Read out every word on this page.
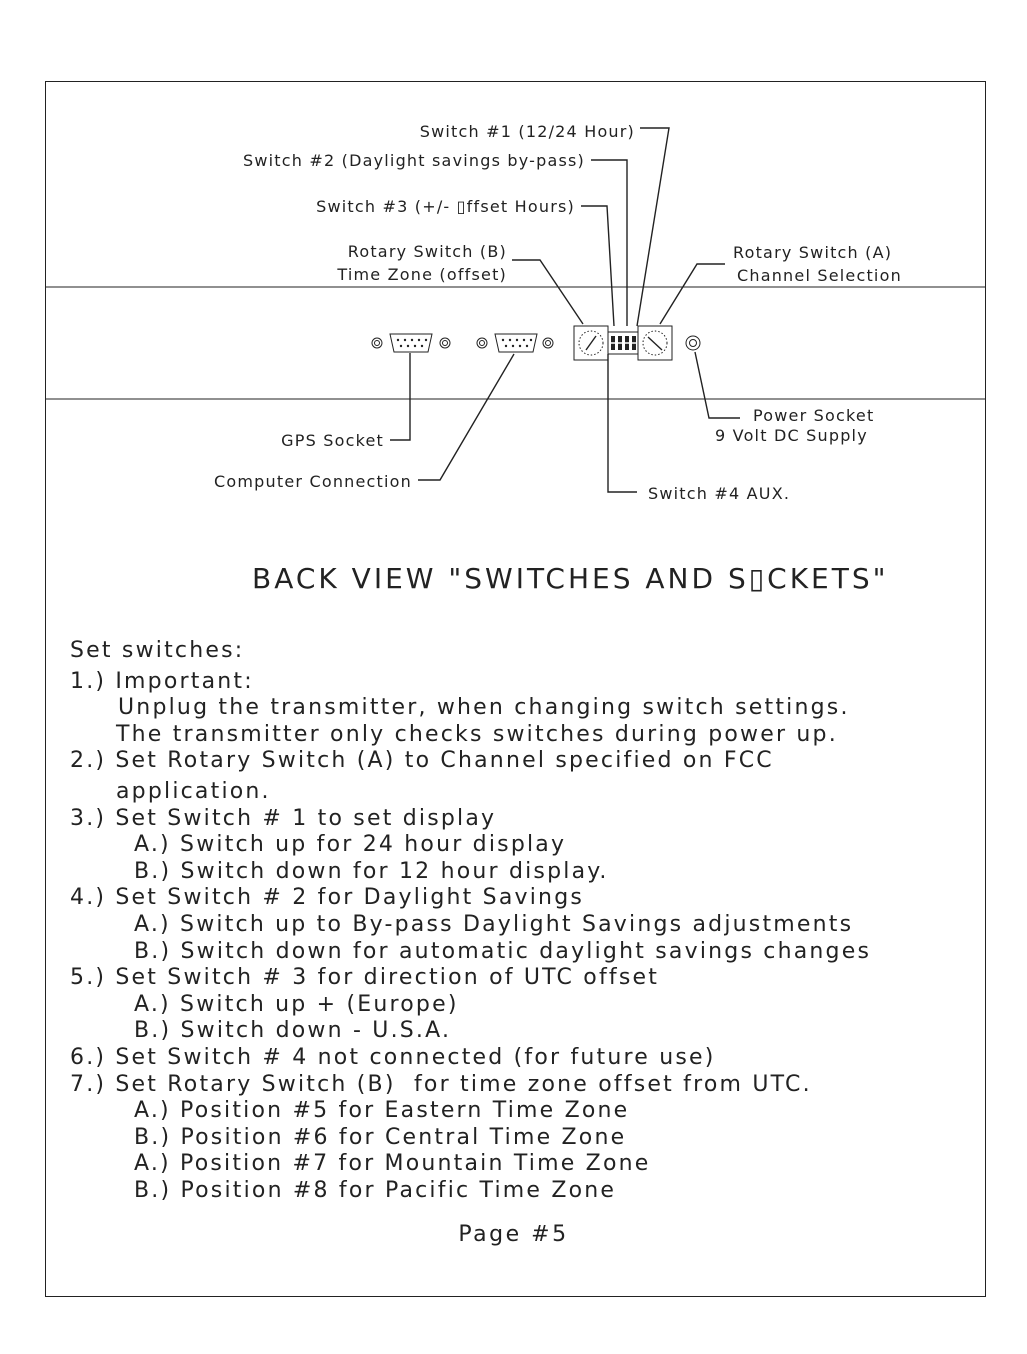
Switch #1 (12/24 Hour)
Switch #2 (Daylight savings by-pass)
Switch #3 (+/- ▯ffset Hours)
Rotary Switch (B)
Time Zone (offset)
Rotary Switch (A)
Channel Selection
GPS Socket
Computer Connection
Power Socket
9 Volt DC Supply
Switch #4 AUX.
BACK VIEW "SWITCHES AND S▯CKETS"
Set switches:
1.) Important:
Unplug the transmitter, when changing switch settings.
The transmitter only checks switches during power up.
2.) Set Rotary Switch (A) to Channel specified on FCC
application.
3.) Set Switch # 1 to set display
A.) Switch up for 24 hour display
B.) Switch down for 12 hour display.
4.) Set Switch # 2 for Daylight Savings
A.) Switch up to By-pass Daylight Savings adjustments
B.) Switch down for automatic daylight savings changes
5.) Set Switch # 3 for direction of UTC offset
A.) Switch up + (Europe)
B.) Switch down - U.S.A.
6.) Set Switch # 4 not connected (for future use)
7.) Set Rotary Switch (B)  for time zone offset from UTC.
A.) Position #5 for Eastern Time Zone
B.) Position #6 for Central Time Zone
A.) Position #7 for Mountain Time Zone
B.) Position #8 for Pacific Time Zone
Page #5
